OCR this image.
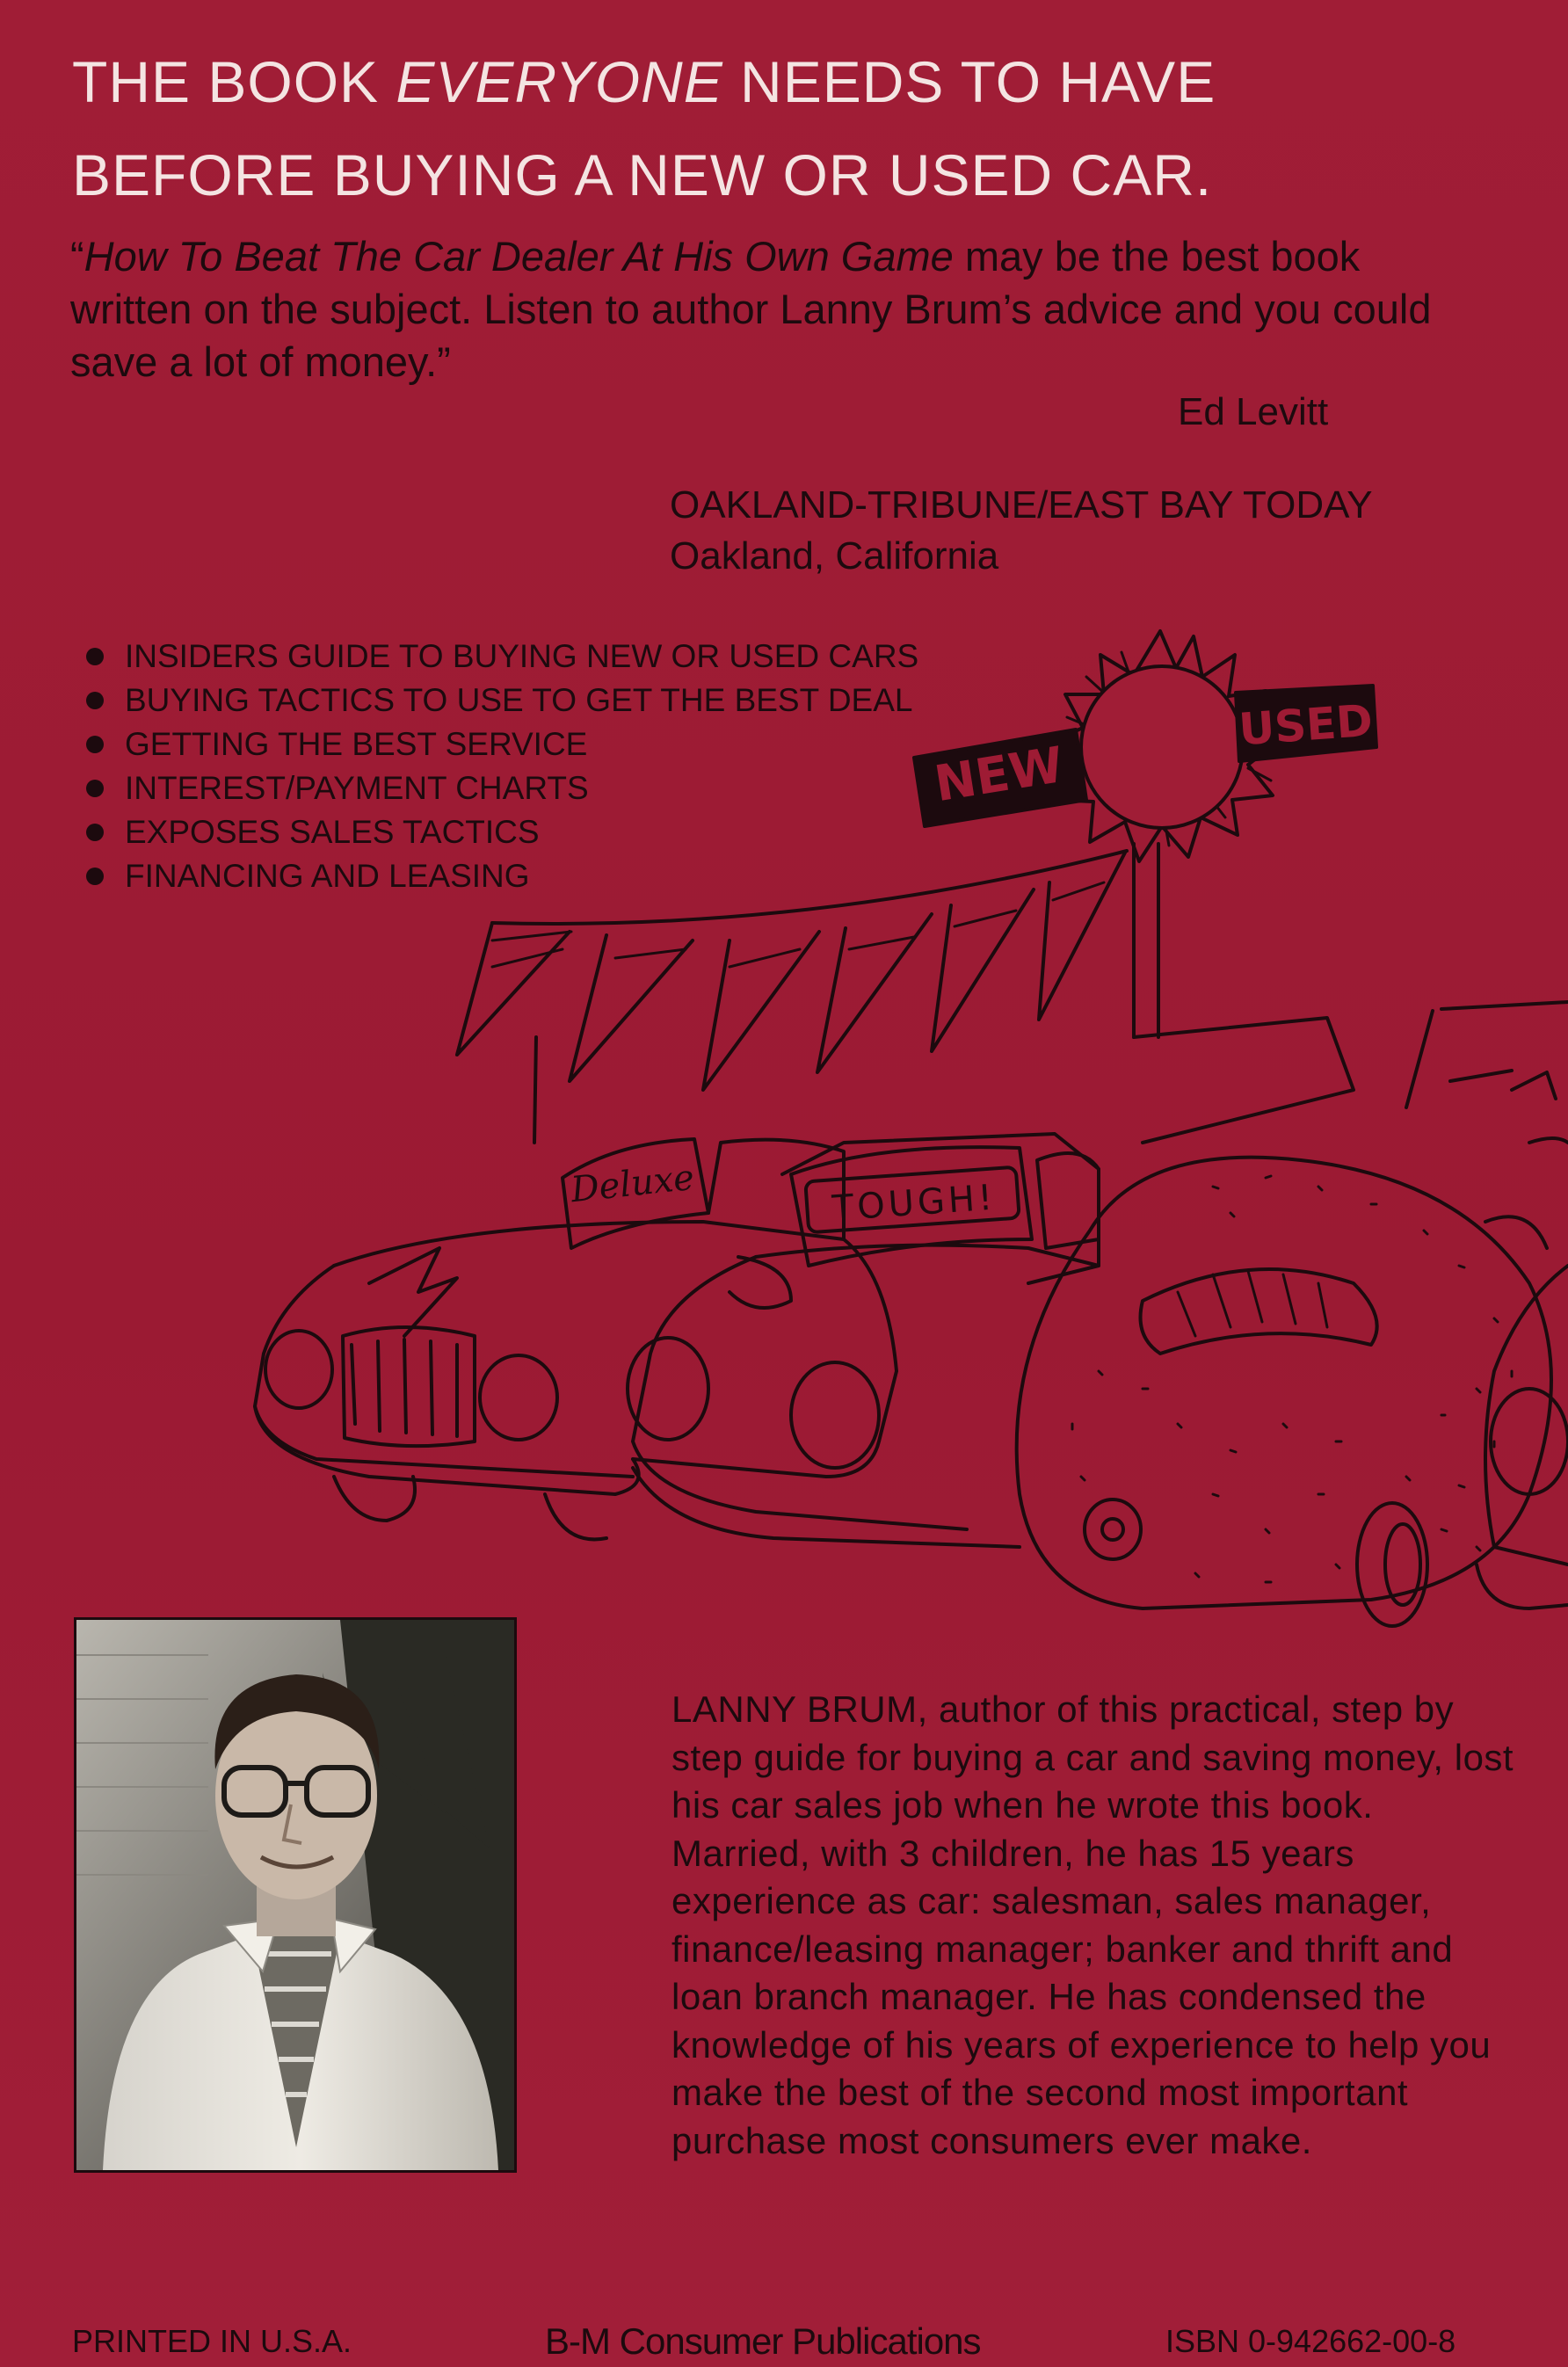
THE BOOK EVERYONE NEEDS TO HAVE
BEFORE BUYING A NEW OR USED CAR.
“How To Beat The Car Dealer At His Own Game may be the best book written on the subject. Listen to author Lanny Brum’s advice and you could save a lot of money.”
Ed Levitt
OAKLAND-TRIBUNE/EAST BAY TODAY
Oakland, California
INSIDERS GUIDE TO BUYING NEW OR USED CARS
BUYING TACTICS TO USE TO GET THE BEST DEAL
GETTING THE BEST SERVICE
INTEREST/PAYMENT CHARTS
EXPOSES SALES TACTICS
FINANCING AND LEASING
NEW
USED
Deluxe	TOUGH!
LANNY BRUM, author of this practical, step by step guide for buying a car and saving money, lost his car sales job when he wrote this book. Married, with 3 children, he has 15 years experience as car: salesman, sales manager, finance/leasing manager; banker and thrift and loan branch manager. He has condensed the knowledge of his years of experience to help you make the best of the second most important purchase most consumers ever make.
PRINTED IN U.S.A.	B-M Consumer Publications	ISBN 0-942662-00-8
